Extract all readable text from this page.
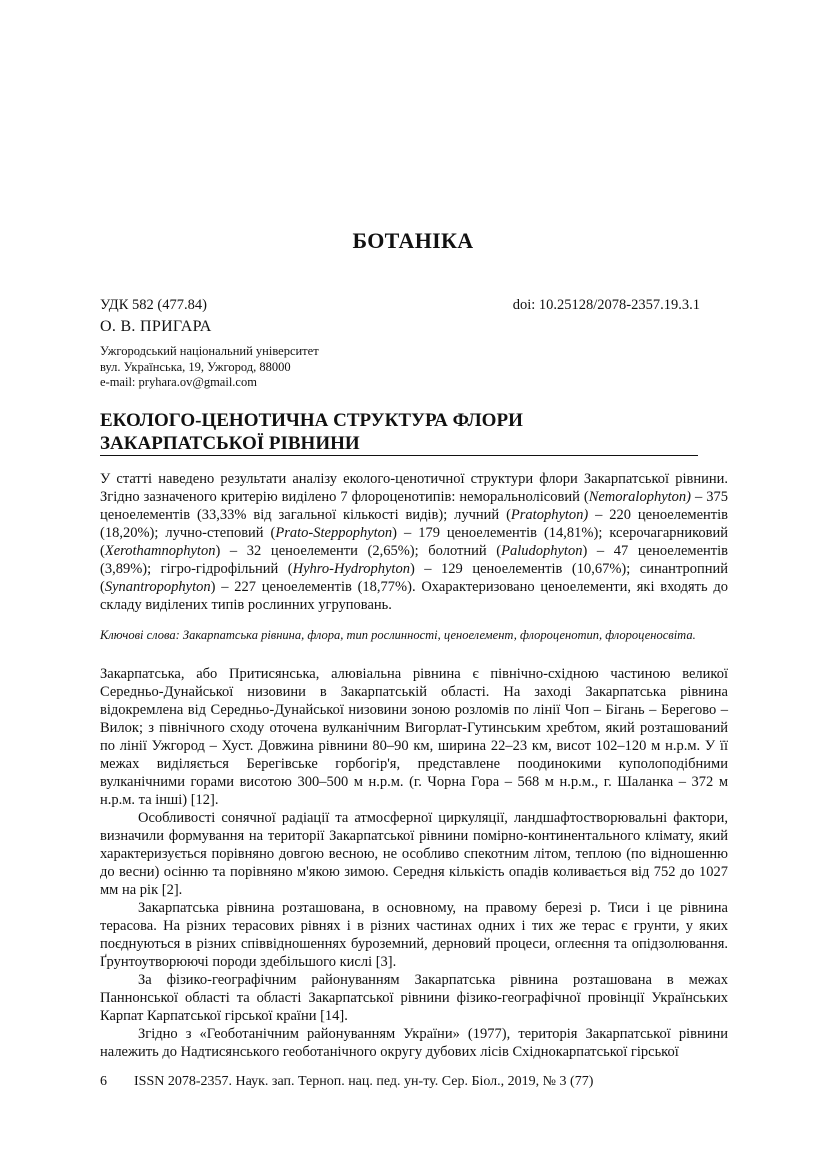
БОТАНІКА
УДК 582 (477.84)	doi: 10.25128/2078-2357.19.3.1
О. В. ПРИГАРА
Ужгородський національний університет
вул. Українська, 19, Ужгород, 88000
e-mail: pryhara.ov@gmail.com
ЕКОЛОГО-ЦЕНОТИЧНА СТРУКТУРА ФЛОРИ
ЗАКАРПАТСЬКОЇ РІВНИНИ

У статті наведено результати аналізу еколого-ценотичної структури флори Закарпатської рівнини. Згідно зазначеного критерію виділено 7 флороценотипів: неморальнолісовий (Nemoralophyton) – 375 ценоелементів (33,33% від загальної кількості видів); лучний (Pratophyton) – 220 ценоелементів (18,20%); лучно-степовий (Prato-Steppophyton) – 179 ценоелементів (14,81%); ксерочагарниковий (Xerothamnophyton) – 32 ценоелементи (2,65%); болотний (Paludophyton) – 47 ценоелементів (3,89%); гігро-гідрофільний (Hyhro-Hydrophyton) – 129 ценоелементів (10,67%); синантропний (Synantropophyton) – 227 ценоелементів (18,77%). Охарактеризовано ценоелементи, які входять до складу виділених типів рослинних угруповань.

Ключові слова: Закарпатська рівнина, флора, тип рослинності, ценоелемент, флороценотип, флороценосвіта.

Закарпатська, або Притисянська, алювіальна рівнина є північно-східною частиною великої Середньо-Дунайської низовини в Закарпатській області. На заході Закарпатська рівнина відокремлена від Середньо-Дунайської низовини зоною розломів по лінії Чоп – Бігань – Берегово – Вилок; з північного сходу оточена вулканічним Вигорлат-Гутинським хребтом, який розташований по лінії Ужгород – Хуст. Довжина рівнини 80–90 км, ширина 22–23 км, висот 102–120 м н.р.м. У її межах виділяється Берегівське горбогір'я, представлене поодинокими куполоподібними вулканічними горами висотою 300–500 м н.р.м. (г. Чорна Гора – 568 м н.р.м., г. Шаланка – 372 м н.р.м. та інші) [12].

Особливості сонячної радіації та атмосферної циркуляції, ландшафтостворювальні фактори, визначили формування на території Закарпатської рівнини помірно-континентального клімату, який характеризується порівняно довгою весною, не особливо спекотним літом, теплою (по відношенню до весни) осінню та порівняно м'якою зимою. Середня кількість опадів коливається від 752 до 1027 мм на рік [2].

Закарпатська рівнина розташована, в основному, на правому березі р. Тиси і це рівнина терасова. На різних терасових рівнях і в різних частинах одних і тих же терас є грунти, у яких поєднуються в різних співвідношеннях буроземний, дерновий процеси, оглеєння та опідзолювання. Ґрунтоутворюючі породи здебільшого кислі [3].

За фізико-географічним районуванням Закарпатська рівнина розташована в межах Паннонської області та області Закарпатської рівнини фізико-географічної провінції Українських Карпат Карпатської гірської країни [14].

Згідно з «Геоботанічним районуванням України» (1977), територія Закарпатської рівнини належить до Надтисянського геоботанічного округу дубових лісів Східнокарпатської гірської

6 ISSN 2078-2357. Наук. зап. Терноп. нац. пед. ун-ту. Сер. Біол., 2019, № 3 (77)
